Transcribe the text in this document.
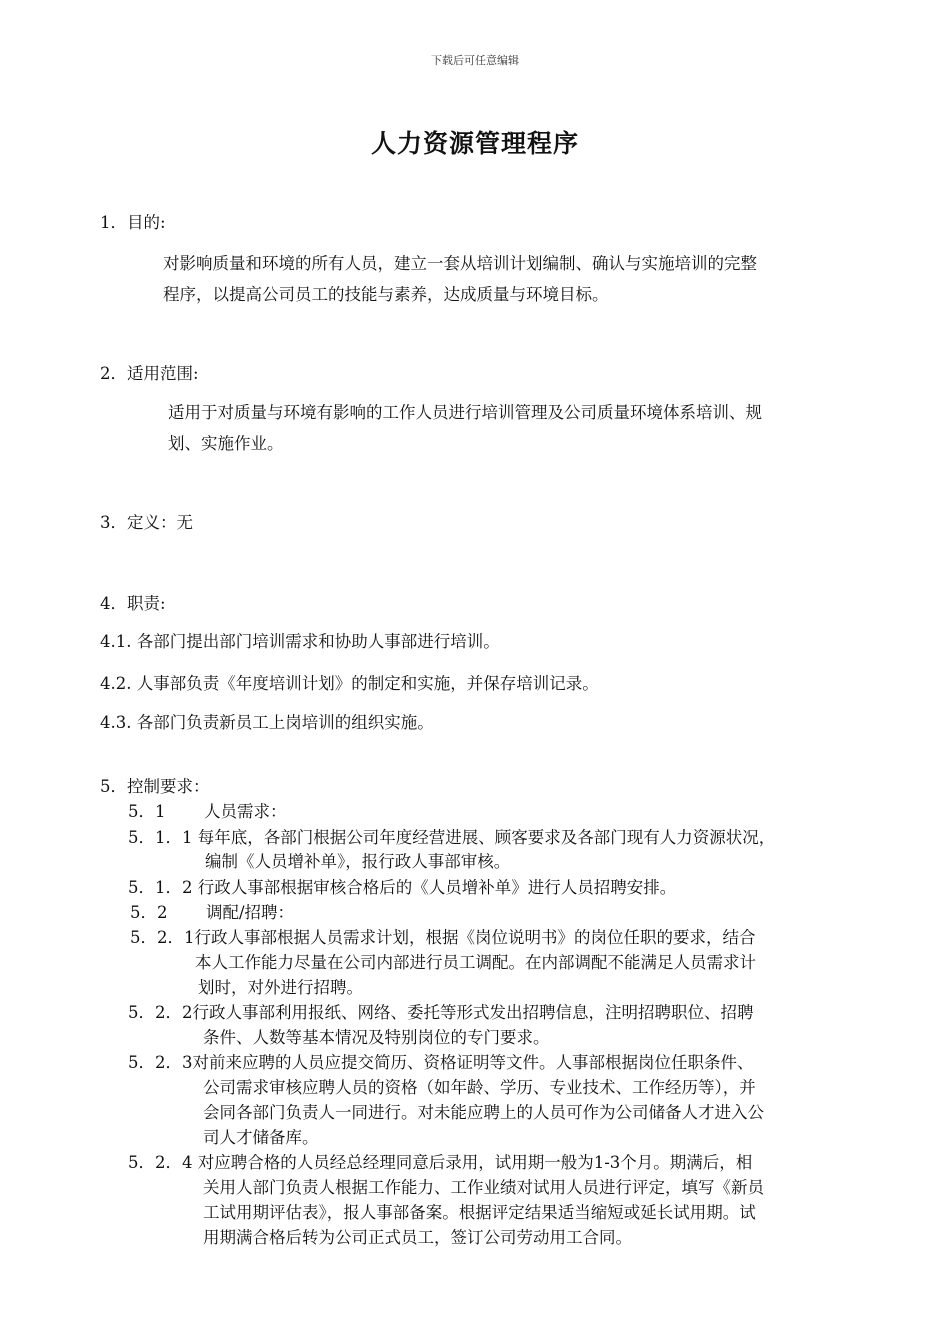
下载后可任意编辑
人力资源管理程序
1．目的:
对影响质量和环境的所有人员，建立一套从培训计划编制、确认与实施培训的完整
程序，以提高公司员工的技能与素养，达成质量与环境目标。
2．适用范围:
适用于对质量与环境有影响的工作人员进行培训管理及公司质量环境体系培训、规
划、实施作业。
3．定义：无
4．职责:
4.1. 各部门提出部门培训需求和协助人事部进行培训。
4.2. 人事部负责《年度培训计划》的制定和实施，并保存培训记录。
4.3. 各部门负责新员工上岗培训的组织实施。
5．控制要求：
5．1 人员需求：
5．1．1 每年底，各部门根据公司年度经营进展、顾客要求及各部门现有人力资源状况，
编制《人员增补单》，报行政人事部审核。
5．1．2 行政人事部根据审核合格后的《人员增补单》进行人员招聘安排。
5．2 调配/招聘：
5．2．1行政人事部根据人员需求计划，根据《岗位说明书》的岗位任职的要求，结合
本人工作能力尽量在公司内部进行员工调配。在内部调配不能满足人员需求计
划时，对外进行招聘。
5．2．2行政人事部利用报纸、网络、委托等形式发出招聘信息，注明招聘职位、招聘
条件、人数等基本情况及特别岗位的专门要求。
5．2．3对前来应聘的人员应提交简历、资格证明等文件。人事部根据岗位任职条件、
公司需求审核应聘人员的资格（如年龄、学历、专业技术、工作经历等），并
会同各部门负责人一同进行。对未能应聘上的人员可作为公司储备人才进入公
司人才储备库。
5．2．4 对应聘合格的人员经总经理同意后录用，试用期一般为1-3个月。期满后，相
关用人部门负责人根据工作能力、工作业绩对试用人员进行评定，填写《新员
工试用期评估表》，报人事部备案。根据评定结果适当缩短或延长试用期。试
用期满合格后转为公司正式员工，签订公司劳动用工合同。
